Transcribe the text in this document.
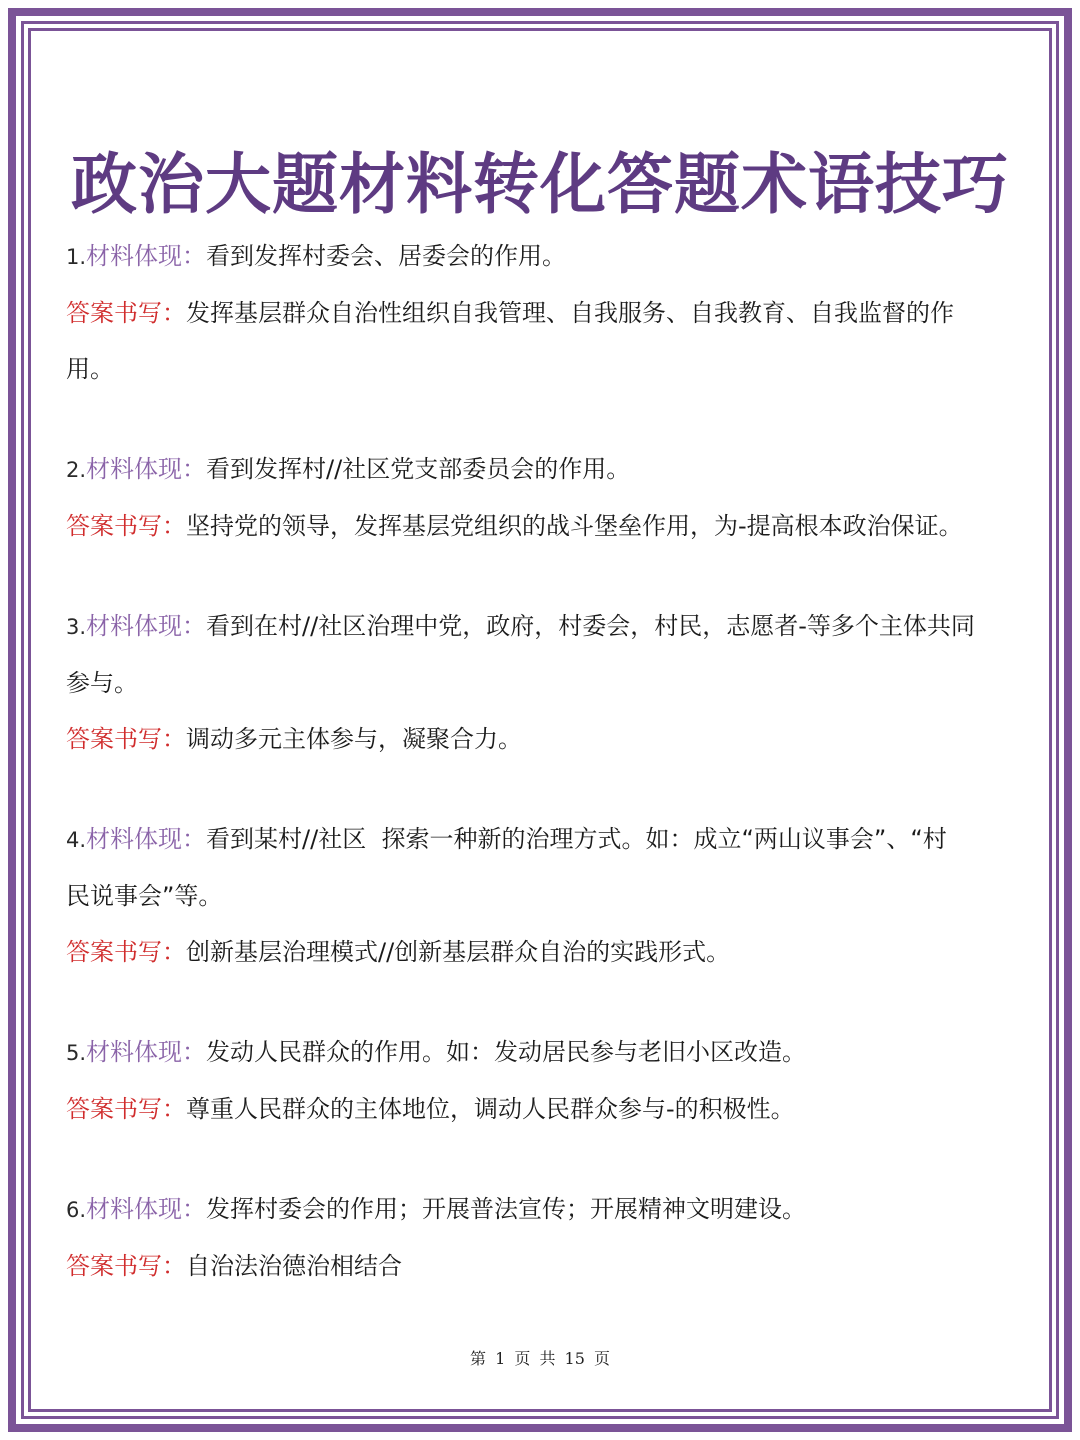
政治大题材料转化答题术语技巧

1.材料体现：看到发挥村委会、居委会的作用。

答案书写：发挥基层群众自治性组织自我管理、自我服务、自我教育、自我监督的作

用。

2.材料体现：看到发挥村//社区党支部委员会的作用。

答案书写：坚持党的领导，发挥基层党组织的战斗堡垒作用，为-提高根本政治保证。

3.材料体现：看到在村//社区治理中党，政府，村委会，村民，志愿者-等多个主体共同

参与。

答案书写：调动多元主体参与，凝聚合力。

4.材料体现：看到某村//社区  探索一种新的治理方式。如：成立“两山议事会”、“村

民说事会”等。

答案书写：创新基层治理模式//创新基层群众自治的实践形式。

5.材料体现：发动人民群众的作用。如：发动居民参与老旧小区改造。

答案书写：尊重人民群众的主体地位，调动人民群众参与-的积极性。

6.材料体现：发挥村委会的作用；开展普法宣传；开展精神文明建设。

答案书写：自治法治德治相结合

第 1 页 共 15 页
